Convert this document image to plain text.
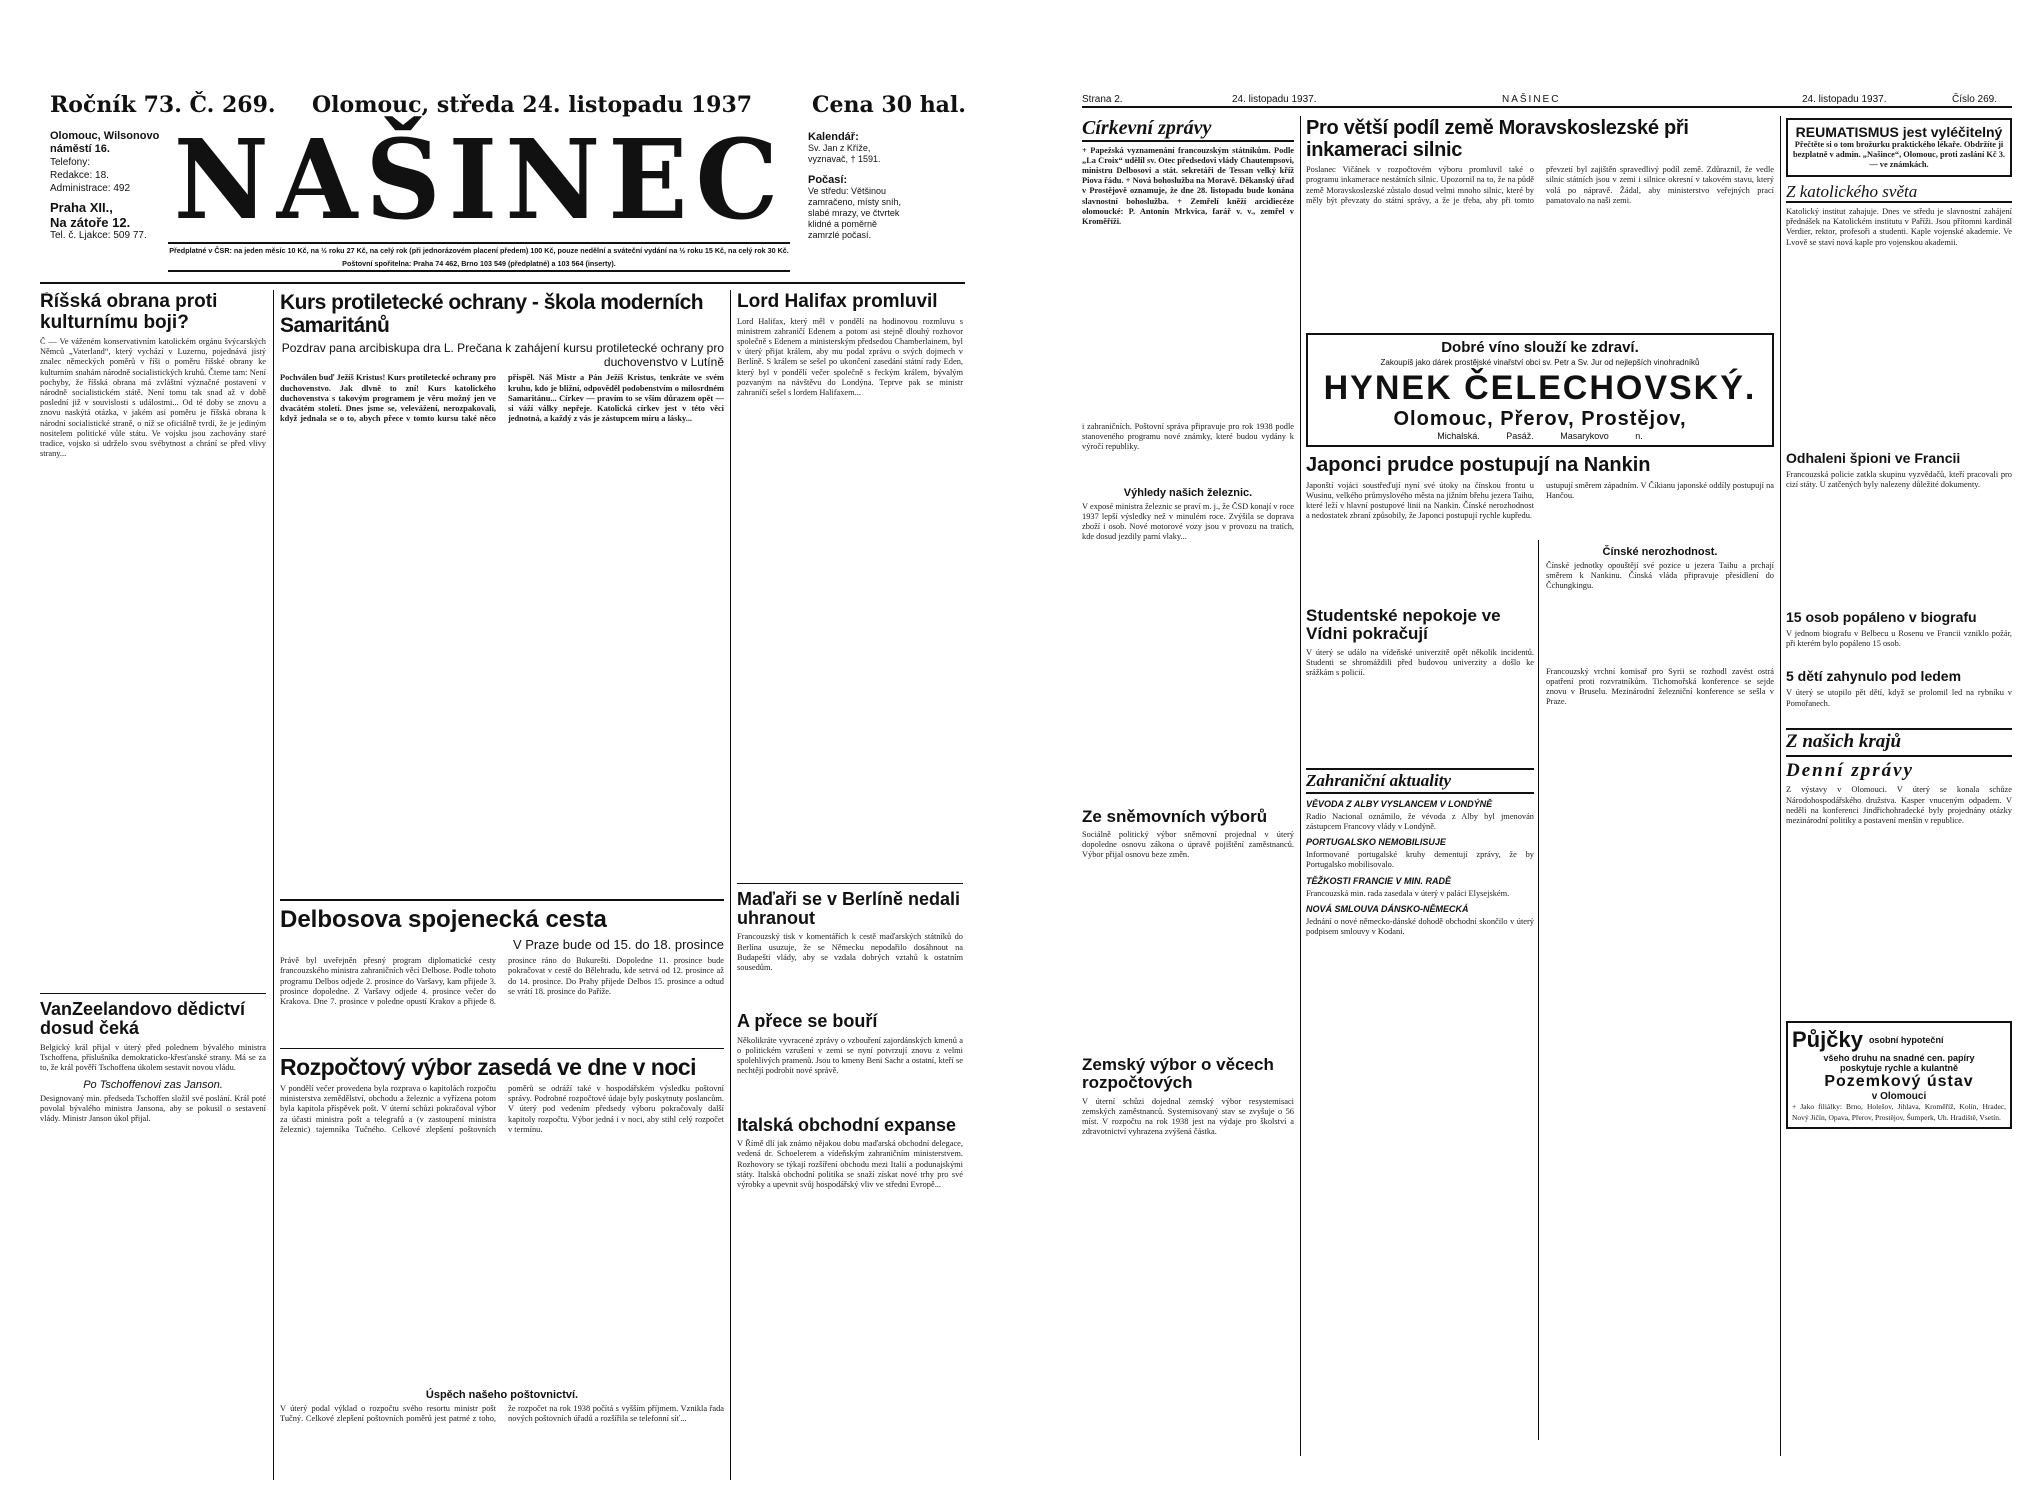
Ročník 73. Č. 269. Olomouc, středa 24. listopadu 1937	Cena 30 hal.
Olomouc, Wilsonovo náměstí 16.
Telefony:
Redakce: 18.
Administrace: 492
Praha XII.,
Na zátoře 12.
Tel. č. Ljakce: 509 77. NAŠINEC	Kalendář:
Sv. Jan z Kříže, vyznavač, † 1591.
Počasí:
Ve středu: Většinou zamračeno, místy sníh, slabé mrazy, ve čtvrtek klidné a poměrně zamrzlé počasí.
Předplatné v ČSR: na jeden měsíc 10 Kč, na ½ roku 27 Kč, na celý rok (při jednorázovém placení předem) 100 Kč, pouze nedělní a sváteční vydání na ½ roku 15 Kč, na celý rok 30 Kč. Poštovní spořitelna: Praha 74 462, Brno 103 549 (předplatné) a 103 564 (inserty).
Říšská obrana proti kulturnímu boji?
Č — Ve váženém konservativním katolickém orgánu švýcarských Němců „Vaterland“, který vychází v Luzernu, pojednává jistý znalec německých poměrů v říši o poměru říšské obrany ke kulturním snahám národně socialistických kruhů. Čteme tam: Není pochyby, že říšská obrana má zvláštní význačné postavení v národně socialistickém státě. Není tomu tak snad až v době poslední již v souvislosti s událostmi... Od té doby se znovu a znovu naskýtá otázka, v jakém asi poměru je říšská obrana k národní socialistické straně, o níž se oficiálně tvrdí, že je jediným nositelem politické vůle státu. Ve vojsku jsou zachovány staré tradice, vojsko si udrželo svou svébytnost a chrání se před vlivy strany...
VanZeelandovo dědictví dosud čeká
Belgický král přijal v úterý před polednem bývalého ministra Tschoffena, příslušníka demokraticko-křesťanské strany. Má se za to, že král pověří Tschoffena úkolem sestavit novou vládu.
Po Tschoffenovi zas Janson.
Designovaný min. předseda Tschoffen složil své poslání. Král poté povolal bývalého ministra Jansona, aby se pokusil o sestavení vlády. Ministr Janson úkol přijal.
Kurs protiletecké ochrany - škola moderních Samaritánů
Pozdrav pana arcibiskupa dra L. Prečana k zahájení kursu protiletecké ochrany pro duchovenstvo v Lutíně
Pochválen buď Ježíš Kristus! Kurs protiletecké ochrany pro duchovenstvo. Jak dlvně to zní! Kurs katolického duchovenstva s takovým programem je věru možný jen ve dvacátém století. Dnes jsme se, velevážení, nerozpakovali, když jednala se o to, abych přece v tomto kursu také něco přispěl. Náš Mistr a Pán Ježíš Kristus, tenkráte ve svém kruhu, kdo je bližní, odpověděl podobenstvím o milosrdném Samaritánu... Církev — pravím to se vším důrazem opět — si váží války nepřeje. Katolická církev jest v této věci jednotná, a každý z vás je zástupcem míru a lásky...
Delbosova spojenecká cesta
V Praze bude od 15. do 18. prosince
Právě byl uveřejněn přesný program diplomatické cesty francouzského ministra zahraničních věcí Delbose. Podle tohoto programu Delbos odjede 2. prosince do Varšavy, kam přijede 3. prosince dopoledne. Z Varšavy odjede 4. prosince večer do Krakova. Dne 7. prosince v poledne opustí Krakov a přijede 8. prosince ráno do Bukurešti. Dopoledne 11. prosince bude pokračovat v cestě do Bělehradu, kde setrvá od 12. prosince až do 14. prosince. Do Prahy přijede Delbos 15. prosince a odtud se vrátí 18. prosince do Paříže.
Rozpočtový výbor zasedá ve dne v noci
V pondělí večer provedena byla rozprava o kapitolách rozpočtu ministerstva zemědělství, obchodu a železnic a vyřízena potom byla kapitola příspěvek pošt. V úterní schůzi pokračoval výbor za účasti ministra pošt a telegrafů a (v zastoupení ministra železnic) tajemníka Tučného. Celkové zlepšení poštovních poměrů se odráží také v hospodářském výsledku poštovní správy. Podrobné rozpočtové údaje byly poskytnuty poslancům. V úterý pod vedením předsedy výboru pokračovaly další kapitoly rozpočtu. Výbor jedná i v noci, aby stihl celý rozpočet v termínu.
Úspěch našeho poštovnictví.
V úterý podal výklad o rozpočtu svého resortu ministr pošt Tučný. Celkové zlepšení poštovních poměrů jest patrné z toho, že rozpočet na rok 1938 počítá s vyšším příjmem. Vznikla řada nových poštovních úřadů a rozšířila se telefonní síť...
Lord Halifax promluvil
Lord Halifax, který měl v pondělí na hodinovou rozmluvu s ministrem zahraničí Edenem a potom asi stejně dlouhý rozhovor společně s Edenem a ministerským předsedou Chamberlainem, byl v úterý přijat králem, aby mu podal zprávu o svých dojmech v Berlíně. S králem se sešel po ukončení zasedání státní rady Eden, který byl v pondělí večer společně s řeckým králem, bývalým pozvaným na návštěvu do Londýna. Teprve pak se ministr zahraničí sešel s lordem Halifaxem...
Maďaři se v Berlíně nedali uhranout
Francouzský tisk v komentářích k cestě maďarských státníků do Berlína usuzuje, že se Německu nepodařilo dosáhnout na Budapešti vlády, aby se vzdala dobrých vztahů k ostatním sousedům.
A přece se bouří
Několikráte vyvracené zprávy o vzbouření zajordánských kmenů a o politickém vzrušení v zemi se nyní potvrzují znovu z velmi spolehlivých pramenů. Jsou to kmeny Beni Sachr a ostatní, kteří se nechtějí podrobit nové správě.
Italská obchodní expanse
V Římě dlí jak známo nějakou dobu maďarská obchodní delegace, vedená dr. Schoelerem a vídeňským zahraničním ministerstvem. Rozhovory se týkají rozšíření obchodu mezi Italií a podunajskými státy. Italská obchodní politika se snaží získat nové trhy pro své výrobky a upevnit svůj hospodářský vliv ve střední Evropě...
Strana 2.	24. listopadu 1937.	NAŠINEC	24. listopadu 1937.	Číslo 269.
Církevní zprávy
+ Papežská vyznamenání francouzským státníkům. Podle „La Croix“ udělil sv. Otec předsedovi vlády Chautempsovi, ministru Delbosovi a stát. sekretáři de Tessan velký kříž Piova řádu. + Nová bohoslužba na Moravě. Děkanský úřad v Prostějově oznamuje, že dne 28. listopadu bude konána slavnostní bohoslužba. + Zemřelí kněží arcidiecéze olomoucké: P. Antonín Mrkvica, farář v. v., zemřel v Kroměříži.
i zahraničních. Poštovní správa připravuje pro rok 1938 podle stanoveného programu nové známky, které budou vydány k výročí republiky.
Výhledy našich železnic.
V exposé ministra železnic se praví m. j., že ČSD konají v roce 1937 lepší výsledky než v minulém roce. Zvýšila se doprava zboží i osob. Nové motorové vozy jsou v provozu na tratích, kde dosud jezdily parní vlaky...
Ze sněmovních výborů
Sociálně politický výbor sněmovní projednal v úterý dopoledne osnovu zákona o úpravě pojištění zaměstnanců. Výbor přijal osnovu beze změn.
Zemský výbor o věcech rozpočtových
V úterní schůzi dojednal zemský výbor resystemisaci zemských zaměstnanců. Systemisovaný stav se zvyšuje o 56 míst. V rozpočtu na rok 1938 jest na výdaje pro školství a zdravotnictví vyhrazena zvýšená částka.
Pro větší podíl země Moravskoslezské při inkameraci silnic
Poslanec Vičánek v rozpočtovém výboru promluvil také o programu inkamerace nestátních silnic. Upozornil na to, že na půdě země Moravskoslezské zůstalo dosud velmi mnoho silnic, které by měly být převzaty do státní správy, a že je třeba, aby při tomto převzetí byl zajištěn spravedlivý podíl země. Zdůraznil, že vedle silnic státních jsou v zemi i silnice okresní v takovém stavu, který volá po nápravě. Žádal, aby ministerstvo veřejných prací pamatovalo na naši zemi.
Dobré víno slouží ke zdraví.
Zakoupíš jako dárek prostějské vinařství obci sv. Petr a Sv. Jur od nejlepších vinohradníků
HYNEK ČELECHOVSKÝ.
Olomouc, Přerov, Prostějov,
Michalská. Pasáž. Masarykovo n.
Japonci prudce postupují na Nankin
Japonští vojáci soustřeďují nyní své útoky na čínskou frontu u Wusinu, velkého průmyslového města na jižním břehu jezera Taihu, které leží v hlavní postupové linii na Nankin. Čínské nerozhodnost a nedostatek zbraní způsobily, že Japonci postupují rychle kupředu.
Studentské nepokoje ve Vídni pokračují
V úterý se událo na vídeňské univerzitě opět několik incidentů. Studenti se shromáždili před budovou univerzity a došlo ke srážkám s policií.
Zahraniční aktuality
VĚVODA Z ALBY VYSLANCEM V LONDÝNĚ
Radio Nacional oznámilo, že vévoda z Alby byl jmenován zástupcem Francovy vlády v Londýně.
PORTUGALSKO NEMOBILISUJE
Informované portugalské kruhy dementují zprávy, že by Portugalsko mobilisovalo.
TĚŽKOSTI FRANCIE V MIN. RADĚ
Francouzská min. rada zasedala v úterý v paláci Elysejském.
NOVÁ SMLOUVA DÁNSKO-NĚMECKÁ
Jednání o nové německo-dánské dohodě obchodní skončilo v úterý podpisem smlouvy v Kodani.
ustupují směrem západním. V Číkianu japonské oddíly postupují na Hančou.
Čínské nerozhodnost.
Čínské jednotky opouštějí své pozice u jezera Taihu a prchají směrem k Nankinu. Čínská vláda připravuje přesídlení do Čchungkingu.
Francouzský vrchní komisař pro Syrii se rozhodl zavést ostrá opatření proti rozvratníkům. Tichomořská konference se sejde znovu v Bruselu. Mezinárodní železniční konference se sešla v Praze.
REUMATISMUS jest vyléčitelný
Přečtěte si o tom brožurku praktického lékaře. Obdržíte ji bezplatně v admin. „Našince“, Olomouc, proti zaslání Kč 3.— ve známkách.
Z katolického světa
Katolický institut zahajuje. Dnes ve středu je slavnostní zahájení přednášek na Katolickém institutu v Paříži. Jsou přítomni kardinál Verdier, rektor, profesoři a studenti. Kaple vojenské akademie. Ve Lvově se staví nová kaple pro vojenskou akademii.
Odhaleni špioni ve Francii
Francouzská policie zatkla skupinu vyzvědačů, kteří pracovali pro cizí státy. U zatčených byly nalezeny důležité dokumenty.
15 osob popáleno v biografu
V jednom biografu v Belbecu u Rosenu ve Francii vzniklo požár, při kterém bylo popáleno 15 osob.
5 dětí zahynulo pod ledem
V úterý se utopilo pět dětí, když se prolomil led na rybníku v Pomořanech.
Z našich krajů
Denní zprávy
Z výstavy v Olomouci. V úterý se konala schůze Národohospodářského družstva. Kasper vnuceným odpadem. V neděli na konferenci Jindřichohradecké byly projednány otázky mezinárodní politiky a postavení menšin v republice.
Půjčky osobní hypoteční
všeho druhu na snadné cen. papíry
poskytuje rychle a kulantně
Pozemkový ústav
v Olomouci
+ Jako filiálky: Brno, Holešov, Jihlava, Kroměříž, Kolín, Hradec, Nový Jičín, Opava, Přerov, Prostějov, Šumperk, Uh. Hradiště, Vsetín.
